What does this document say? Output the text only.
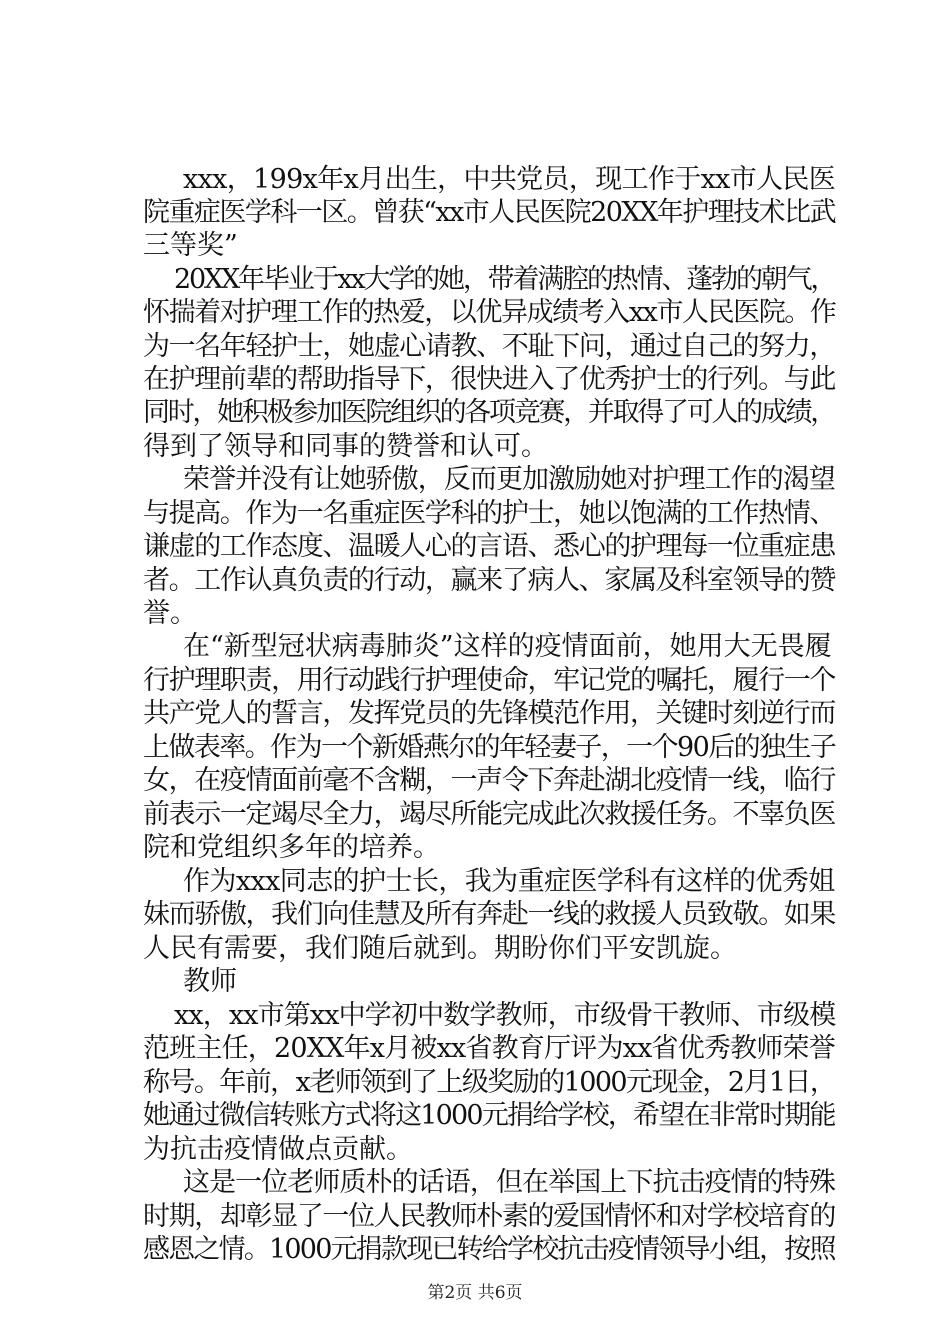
xxx，199x年x月出生，中共党员，现工作于xx市人民医
院重症医学科一区。曾获“xx市人民医院20XX年护理技术比武
三等奖”
20XX年毕业于xx大学的她，带着满腔的热情、蓬勃的朝气，
怀揣着对护理工作的热爱，以优异成绩考入xx市人民医院。作
为一名年轻护士，她虚心请教、不耻下问，通过自己的努力，
在护理前辈的帮助指导下，很快进入了优秀护士的行列。与此
同时，她积极参加医院组织的各项竞赛，并取得了可人的成绩，
得到了领导和同事的赞誉和认可。
荣誉并没有让她骄傲，反而更加激励她对护理工作的渴望
与提高。作为一名重症医学科的护士，她以饱满的工作热情、
谦虚的工作态度、温暖人心的言语、悉心的护理每一位重症患
者。工作认真负责的行动，赢来了病人、家属及科室领导的赞
誉。
在“新型冠状病毒肺炎”这样的疫情面前，她用大无畏履
行护理职责，用行动践行护理使命，牢记党的嘱托，履行一个
共产党人的誓言，发挥党员的先锋模范作用，关键时刻逆行而
上做表率。作为一个新婚燕尔的年轻妻子，一个90后的独生子
女，在疫情面前毫不含糊，一声令下奔赴湖北疫情一线，临行
前表示一定竭尽全力，竭尽所能完成此次救援任务。不辜负医
院和党组织多年的培养。
作为xxx同志的护士长，我为重症医学科有这样的优秀姐
妹而骄傲，我们向佳慧及所有奔赴一线的救援人员致敬。如果
人民有需要，我们随后就到。期盼你们平安凯旋。
教师
xx，xx市第xx中学初中数学教师，市级骨干教师、市级模
范班主任，20XX年x月被xx省教育厅评为xx省优秀教师荣誉
称号。年前，x老师领到了上级奖励的1000元现金，2月1日，
她通过微信转账方式将这1000元捐给学校，希望在非常时期能
为抗击疫情做点贡献。
这是一位老师质朴的话语，但在举国上下抗击疫情的特殊
时期，却彰显了一位人民教师朴素的爱国情怀和对学校培育的
感恩之情。1000元捐款现已转给学校抗击疫情领导小组，按照
第2页 共6页
